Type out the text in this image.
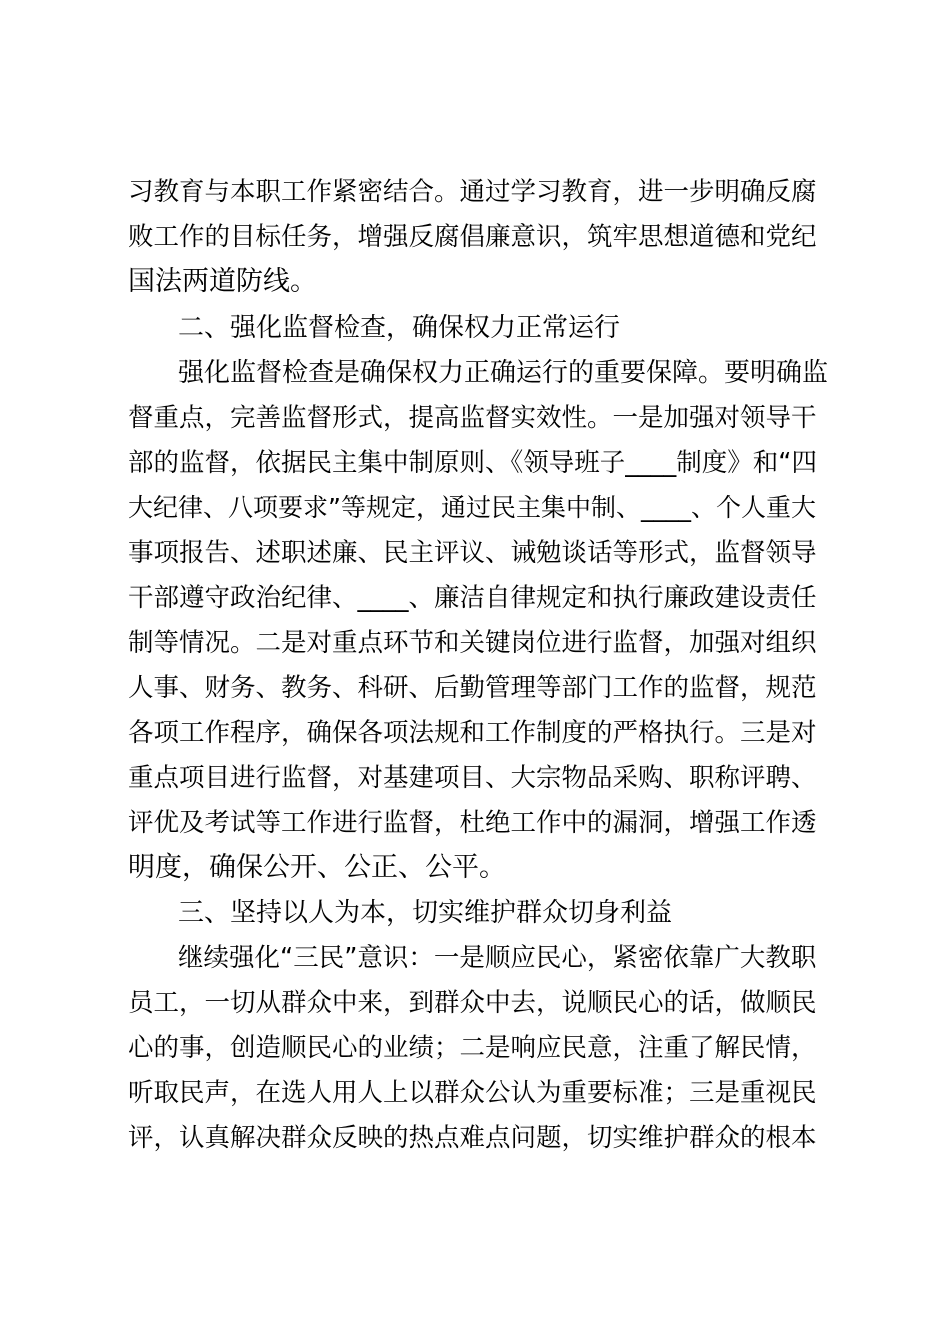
习教育与本职工作紧密结合。通过学习教育，进一步明确反腐
败工作的目标任务，增强反腐倡廉意识，筑牢思想道德和党纪
国法两道防线。
二、强化监督检查，确保权力正常运行
强化监督检查是确保权力正确运行的重要保障。要明确监
督重点，完善监督形式，提高监督实效性。一是加强对领导干
部的监督，依据民主集中制原则、《领导班子____制度》和“四
大纪律、八项要求”等规定，通过民主集中制、____、个人重大
事项报告、述职述廉、民主评议、诫勉谈话等形式，监督领导
干部遵守政治纪律、____、廉洁自律规定和执行廉政建设责任
制等情况。二是对重点环节和关键岗位进行监督，加强对组织
人事、财务、教务、科研、后勤管理等部门工作的监督，规范
各项工作程序，确保各项法规和工作制度的严格执行。三是对
重点项目进行监督，对基建项目、大宗物品采购、职称评聘、
评优及考试等工作进行监督，杜绝工作中的漏洞，增强工作透
明度，确保公开、公正、公平。
三、坚持以人为本，切实维护群众切身利益
继续强化“三民”意识：一是顺应民心，紧密依靠广大教职
员工，一切从群众中来，到群众中去，说顺民心的话，做顺民
心的事，创造顺民心的业绩；二是响应民意，注重了解民情，
听取民声，在选人用人上以群众公认为重要标准；三是重视民
评，认真解决群众反映的热点难点问题，切实维护群众的根本
